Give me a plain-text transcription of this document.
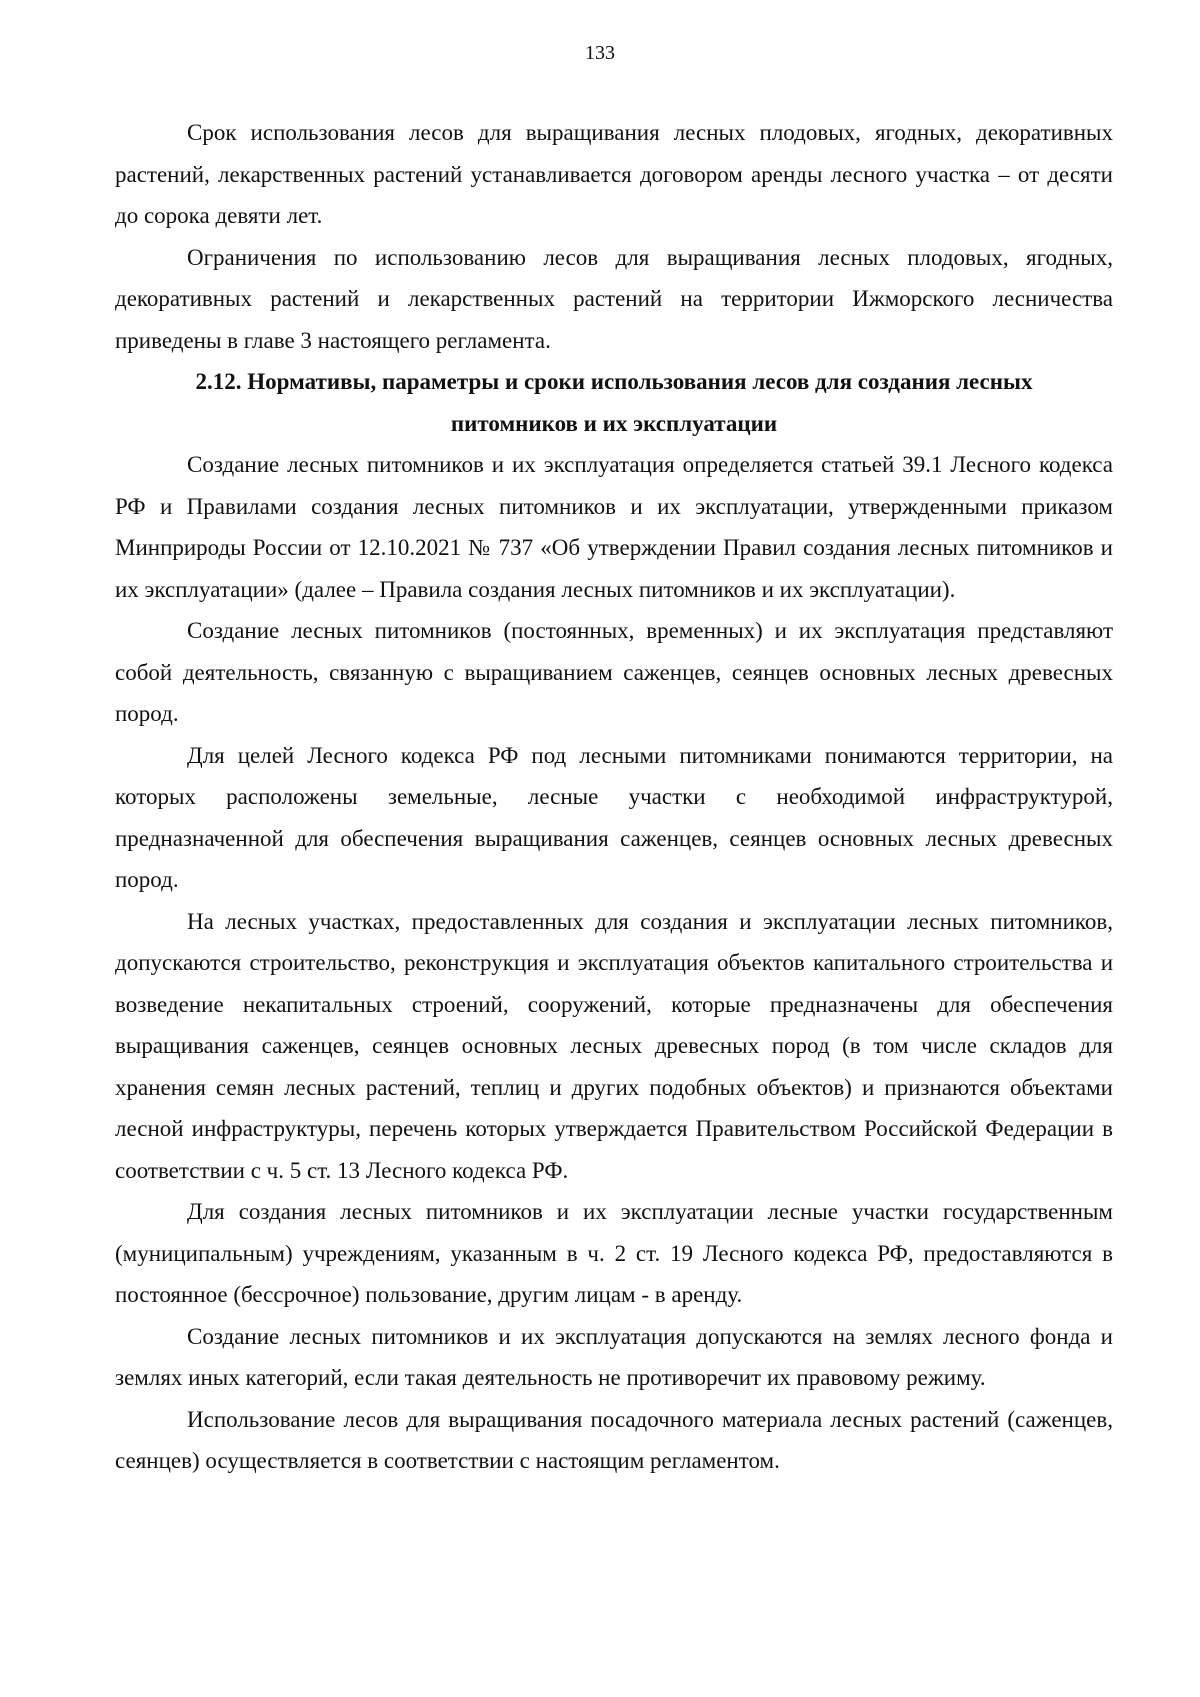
133

Срок использования лесов для выращивания лесных плодовых, ягодных, декоративных растений, лекарственных растений устанавливается договором аренды лесного участка – от десяти до сорока девяти лет.

Ограничения по использованию лесов для выращивания лесных плодовых, ягодных, декоративных растений и лекарственных растений на территории Ижморского лесничества приведены в главе 3 настоящего регламента.

2.12. Нормативы, параметры и сроки использования лесов для создания лесных питомников и их эксплуатации

Создание лесных питомников и их эксплуатация определяется статьей 39.1 Лесного кодекса РФ и Правилами создания лесных питомников и их эксплуатации, утвержденными приказом Минприроды России от 12.10.2021 № 737 «Об утверждении Правил создания лесных питомников и их эксплуатации» (далее – Правила создания лесных питомников и их эксплуатации).

Создание лесных питомников (постоянных, временных) и их эксплуатация представляют собой деятельность, связанную с выращиванием саженцев, сеянцев основных лесных древесных пород.

Для целей Лесного кодекса РФ под лесными питомниками понимаются территории, на которых расположены земельные, лесные участки с необходимой инфраструктурой, предназначенной для обеспечения выращивания саженцев, сеянцев основных лесных древесных пород.

На лесных участках, предоставленных для создания и эксплуатации лесных питомников, допускаются строительство, реконструкция и эксплуатация объектов капитального строительства и возведение некапитальных строений, сооружений, которые предназначены для обеспечения выращивания саженцев, сеянцев основных лесных древесных пород (в том числе складов для хранения семян лесных растений, теплиц и других подобных объектов) и признаются объектами лесной инфраструктуры, перечень которых утверждается Правительством Российской Федерации в соответствии с ч. 5 ст. 13 Лесного кодекса РФ.

Для создания лесных питомников и их эксплуатации лесные участки государственным (муниципальным) учреждениям, указанным в ч. 2 ст. 19 Лесного кодекса РФ, предоставляются в постоянное (бессрочное) пользование, другим лицам - в аренду.

Создание лесных питомников и их эксплуатация допускаются на землях лесного фонда и землях иных категорий, если такая деятельность не противоречит их правовому режиму.

Использование лесов для выращивания посадочного материала лесных растений (саженцев, сеянцев) осуществляется в соответствии с настоящим регламентом.
